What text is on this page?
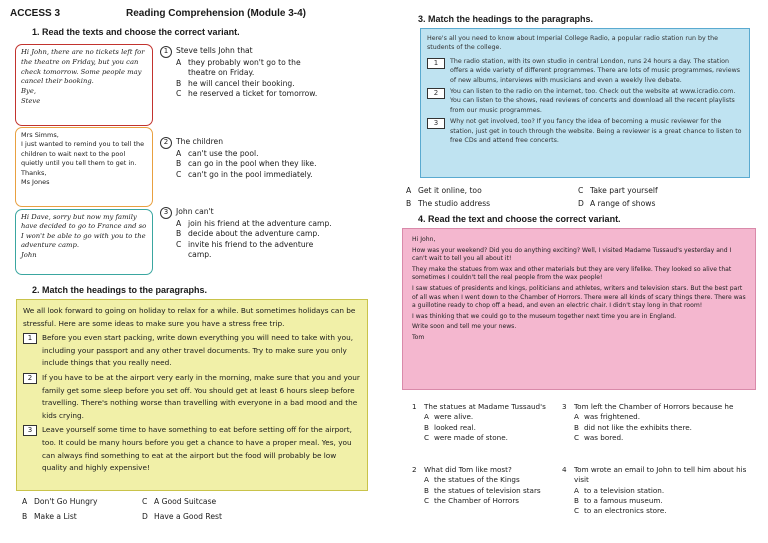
ACCESS 3	Reading Comprehension (Module 3-4)
1. Read the texts and choose the correct variant.
Hi John, there are no tickets left for the theatre on Friday, but you can check tomorrow. Some people may cancel their booking.
Bye,
Steve
Mrs Simms,
I just wanted to remind you to tell the children to wait next to the pool quietly until you tell them to get in.
Thanks,
Ms Jones
Hi Dave, sorry but now my family have decided to go to France and so I won't be able to go with you to the adventure camp.
John
1 Steve tells John that
A they probably won't go to the theatre on Friday.
B he will cancel their booking.
C he reserved a ticket for tomorrow.
2 The children
A can't use the pool.
B can go in the pool when they like.
C can't go in the pool immediately.
3 John can't
A join his friend at the adventure camp.
B decide about the adventure camp.
C invite his friend to the adventure camp.
2. Match the headings to the paragraphs.
We all look forward to going on holiday to relax for a while. But sometimes holidays can be stressful. Here are some ideas to make sure you have a stress free trip.
1	Before you even start packing, write down everything you will need to take with you, including your passport and any other travel documents. Try to make sure you only include things that you really need.
2	If you have to be at the airport very early in the morning, make sure that you and your family get some sleep before you set off. You should get at least 6 hours sleep before travelling. There's nothing worse than travelling with everyone in a bad mood and the kids crying.
3	Leave yourself some time to have something to eat before setting off for the airport, too. It could be many hours before you get a chance to have a proper meal. Yes, you can always find something to eat at the airport but the food will probably be low quality and highly expensive!
A Don't Go Hungry	C A Good Suitcase
B Make a List	D Have a Good Rest
3. Match the headings to the paragraphs.
Here's all you need to know about Imperial College Radio, a popular radio station run by the students of the college.
1	The radio station, with its own studio in central London, runs 24 hours a day. The station offers a wide variety of different programmes. There are lots of music programmes, reviews of new albums, interviews with musicians and even a weekly live debate.
2	You can listen to the radio on the internet, too. Check out the website at www.icradio.com. You can listen to the shows, read reviews of concerts and download all the recent playlists from our music programmes.
3	Why not get involved, too? If you fancy the idea of becoming a music reviewer for the station, just get in touch through the website. Being a reviewer is a great chance to listen to free CDs and attend free concerts.
A Get it online, too	C Take part yourself
B The studio address	D A range of shows
4. Read the text and choose the correct variant.
Hi John,
How was your weekend? Did you do anything exciting? Well, I visited Madame Tussaud's yesterday and I can't wait to tell you all about it!
They make the statues from wax and other materials but they are very lifelike. They looked so alive that sometimes I couldn't tell the real people from the wax people!
I saw statues of presidents and kings, politicians and athletes, writers and television stars. But the best part of all was when I went down to the Chamber of Horrors. There were all kinds of scary things there. There was a guillotine ready to chop off a head, and even an electric chair. I didn't stay long in that room!
I was thinking that we could go to the museum together next time you are in England.
Write soon and tell me your news.
Tom
1	The statues at Madame Tussaud's
A were alive.
B looked real.
C were made of stone.
2	What did Tom like most?
A the statues of the Kings
B the statues of television stars
C the Chamber of Horrors
3	Tom left the Chamber of Horrors because he
A was frightened.
B did not like the exhibits there.
C was bored.
4	Tom wrote an email to John to tell him about his visit
A to a television station.
B to a famous museum.
C to an electronics store.
